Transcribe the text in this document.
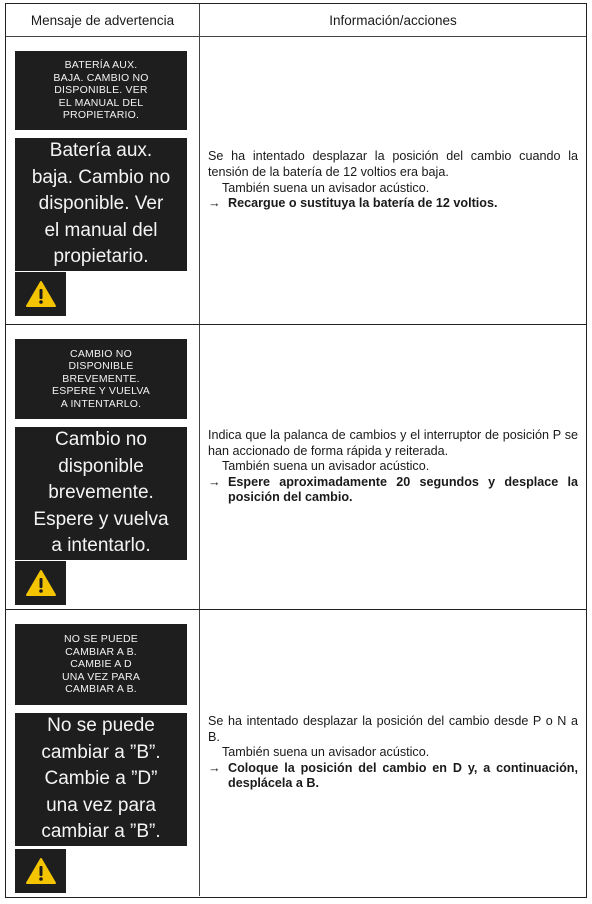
Mensaje de advertencia	Información/acciones
BATERÍA AUX.
BAJA. CAMBIO NO
DISPONIBLE. VER
EL MANUAL DEL
PROPIETARIO.
Batería aux.
baja. Cambio no
disponible. Ver
el manual del
propietario.
Se ha intentado desplazar la posición del cambio cuando la tensión de la batería de 12 voltios era baja.
También suena un avisador acústico.
→ Recargue o sustituya la batería de 12 voltios.
CAMBIO NO
DISPONIBLE
BREVEMENTE.
ESPERE Y VUELVA
A INTENTARLO.
Cambio no
disponible
brevemente.
Espere y vuelva
a intentarlo.
Indica que la palanca de cambios y el interruptor de posición P se han accionado de forma rápida y reiterada.
También suena un avisador acústico.
→ Espere aproximadamente 20 segundos y desplace la posición del cambio.
NO SE PUEDE
CAMBIAR A B.
CAMBIE A D
UNA VEZ PARA
CAMBIAR A B.
No se puede
cambiar a ”B”.
Cambie a ”D”
una vez para
cambiar a ”B”.
Se ha intentado desplazar la posición del cambio desde P o N a B.
También suena un avisador acústico.
→ Coloque la posición del cambio en D y, a continuación, desplácela a B.
